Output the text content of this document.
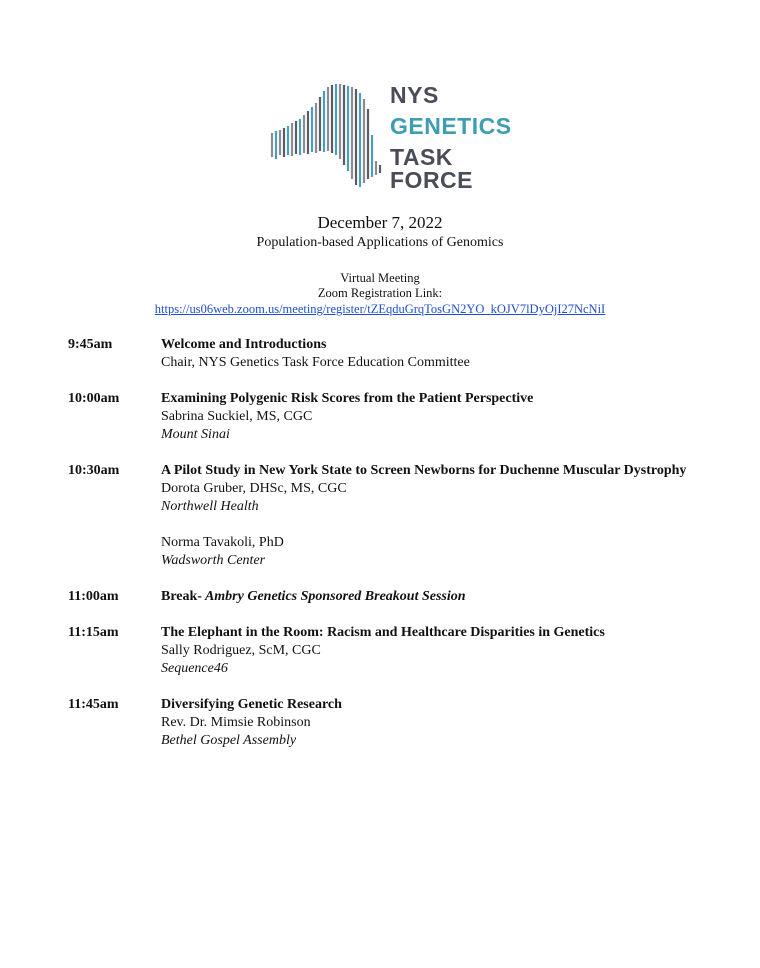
NYS
GENETICS
TASK FORCE
December 7, 2022
Population-based Applications of Genomics
Virtual Meeting
Zoom Registration Link:
https://us06web.zoom.us/meeting/register/tZEqduGrqTosGN2YO_kOJV7lDyOjI27NcNiI
9:45am	Welcome and Introductions
Chair, NYS Genetics Task Force Education Committee
10:00am	Examining Polygenic Risk Scores from the Patient Perspective
Sabrina Suckiel, MS, CGC
Mount Sinai
10:30am	A Pilot Study in New York State to Screen Newborns for Duchenne Muscular Dystrophy
Dorota Gruber, DHSc, MS, CGC
Northwell Health
Norma Tavakoli, PhD
Wadsworth Center
11:00am	Break- Ambry Genetics Sponsored Breakout Session
11:15am	The Elephant in the Room: Racism and Healthcare Disparities in Genetics
Sally Rodriguez, ScM, CGC
Sequence46
11:45am	Diversifying Genetic Research
Rev. Dr. Mimsie Robinson
Bethel Gospel Assembly
